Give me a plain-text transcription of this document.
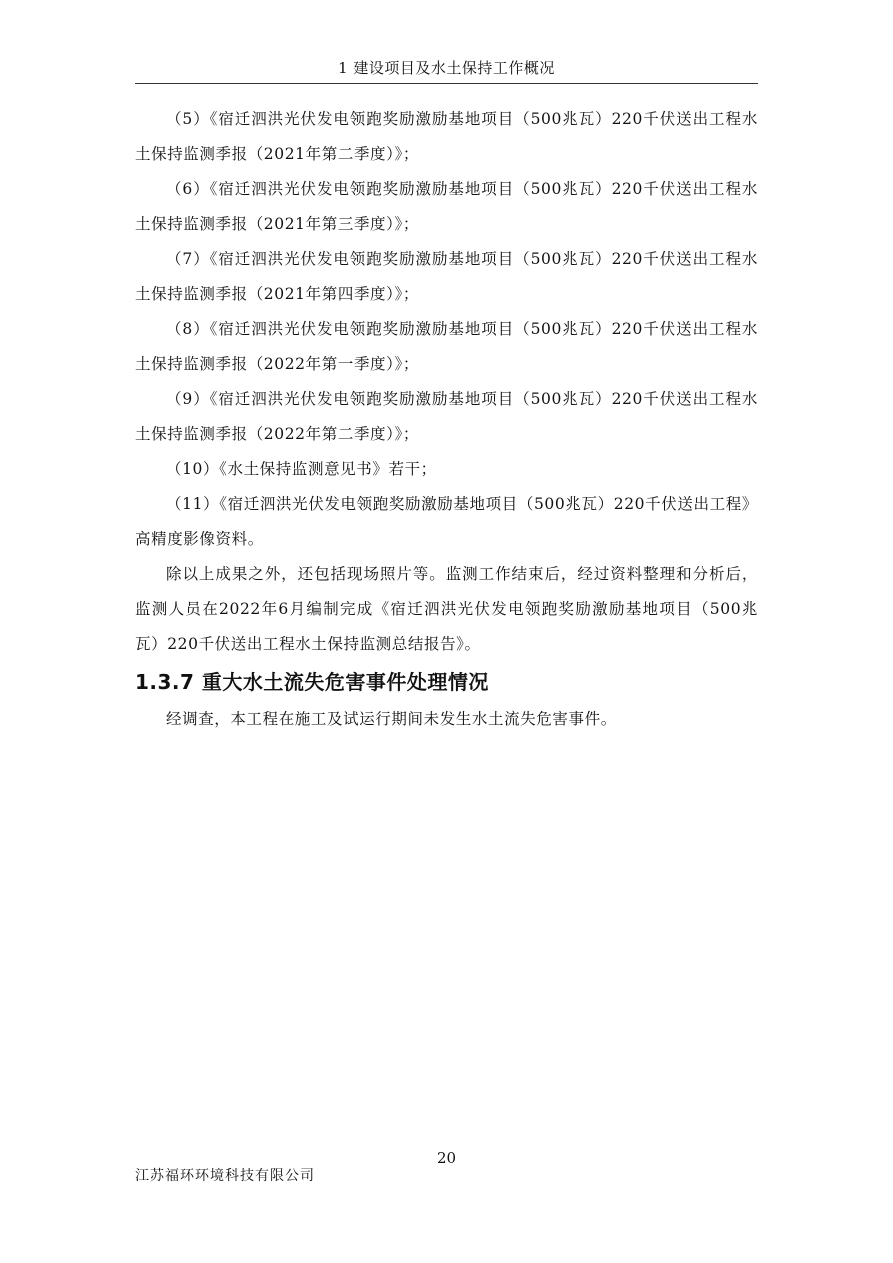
1 建设项目及水土保持工作概况

（5）《宿迁泗洪光伏发电领跑奖励激励基地项目（500兆瓦）220千伏送出工程水土保持监测季报（2021年第二季度）》；

（6）《宿迁泗洪光伏发电领跑奖励激励基地项目（500兆瓦）220千伏送出工程水土保持监测季报（2021年第三季度）》；

（7）《宿迁泗洪光伏发电领跑奖励激励基地项目（500兆瓦）220千伏送出工程水土保持监测季报（2021年第四季度）》；

（8）《宿迁泗洪光伏发电领跑奖励激励基地项目（500兆瓦）220千伏送出工程水土保持监测季报（2022年第一季度）》；

（9）《宿迁泗洪光伏发电领跑奖励激励基地项目（500兆瓦）220千伏送出工程水土保持监测季报（2022年第二季度）》；

（10）《水土保持监测意见书》若干；

（11）《宿迁泗洪光伏发电领跑奖励激励基地项目（500兆瓦）220千伏送出工程》高精度影像资料。

除以上成果之外，还包括现场照片等。监测工作结束后，经过资料整理和分析后，监测人员在2022年6月编制完成《宿迁泗洪光伏发电领跑奖励激励基地项目（500兆瓦）220千伏送出工程水土保持监测总结报告》。

1.3.7 重大水土流失危害事件处理情况

经调查，本工程在施工及试运行期间未发生水土流失危害事件。

20
江苏福环环境科技有限公司
